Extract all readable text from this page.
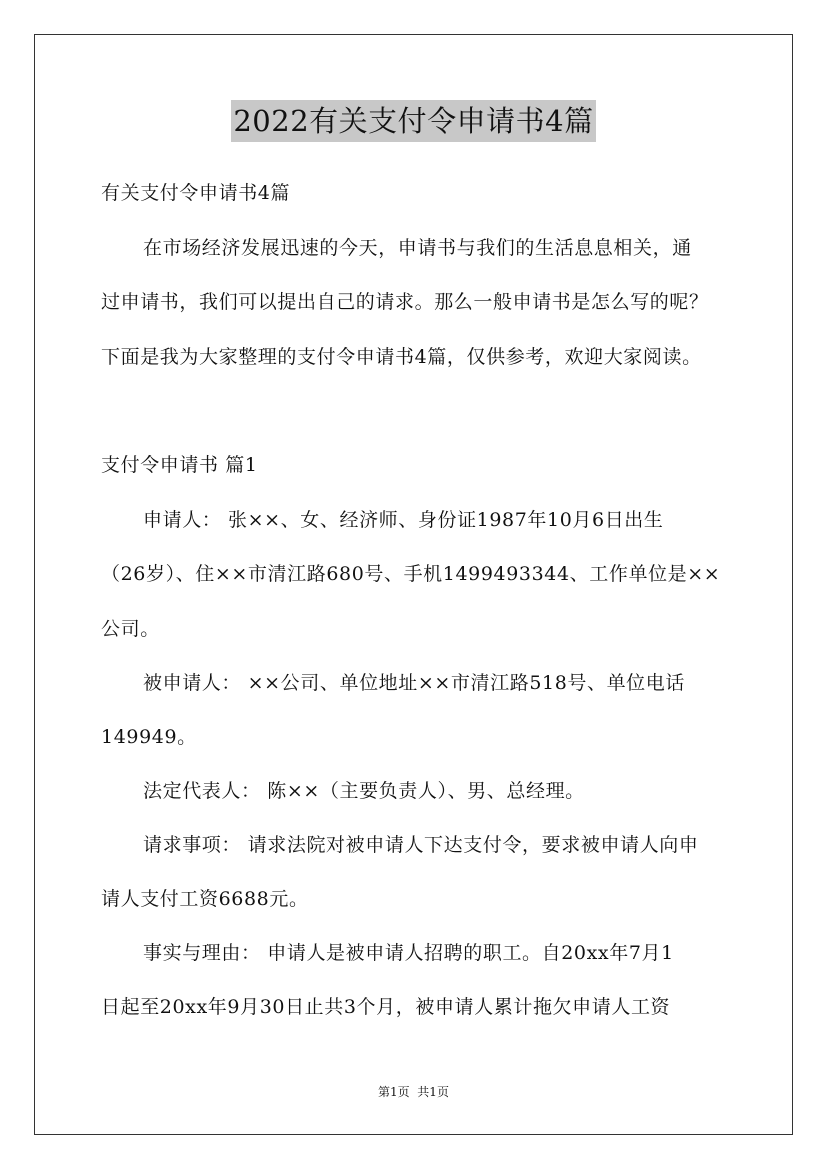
2022有关支付令申请书4篇
有关支付令申请书4篇
在市场经济发展迅速的今天，申请书与我们的生活息息相关，通
过申请书，我们可以提出自己的请求。那么一般申请书是怎么写的呢？
下面是我为大家整理的支付令申请书4篇，仅供参考，欢迎大家阅读。
支付令申请书 篇1
申请人： 张××、女、经济师、身份证1987年10月6日出生
（26岁）、住××市清江路680号、手机1499493344、工作单位是××
公司。
被申请人： ××公司、单位地址××市清江路518号、单位电话
149949。
法定代表人： 陈××（主要负责人）、男、总经理。
请求事项： 请求法院对被申请人下达支付令，要求被申请人向申
请人支付工资6688元。
事实与理由： 申请人是被申请人招聘的职工。自20xx年7月1
日起至20xx年9月30日止共3个月，被申请人累计拖欠申请人工资
第1页  共1页
